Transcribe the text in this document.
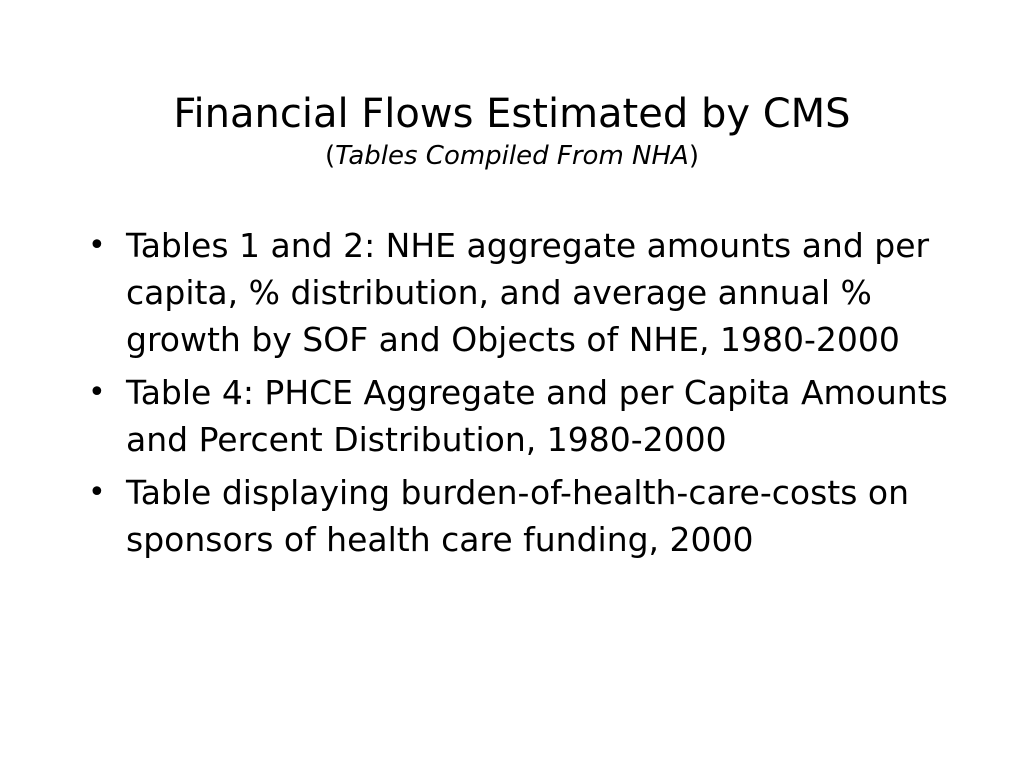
Financial Flows Estimated by CMS

(Tables Compiled From NHA)

• Tables 1 and 2: NHE aggregate amounts and per capita, % distribution, and average annual % growth by SOF and Objects of NHE, 1980-2000
• Table 4: PHCE Aggregate and per Capita Amounts and Percent Distribution, 1980-2000
• Table displaying burden-of-health-care-costs on sponsors of health care funding, 2000
